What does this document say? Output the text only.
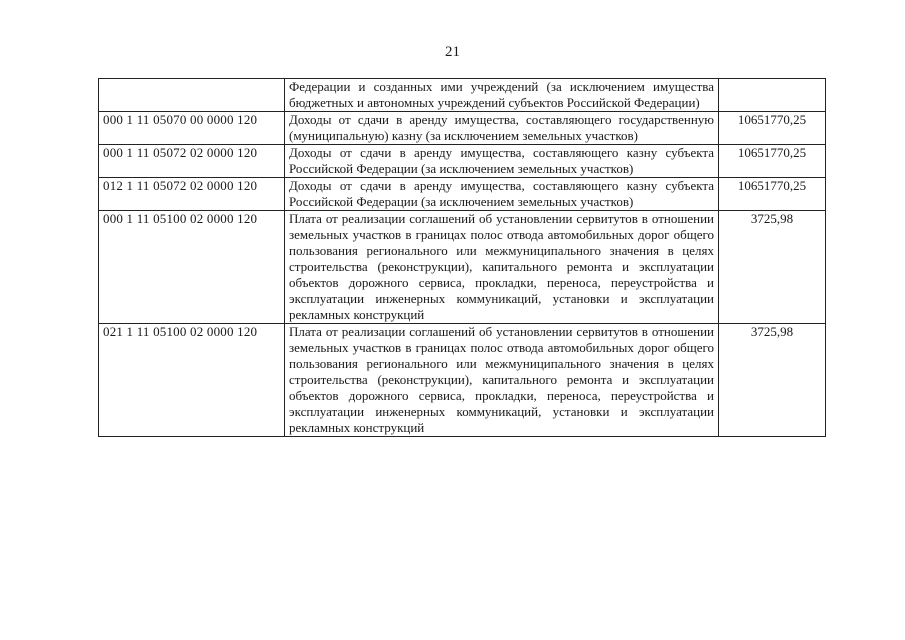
21
	Федерации и созданных ими учреждений (за исключением имущества бюджетных и автономных учреждений субъектов Российской Федерации)	
000 1 11 05070 00 0000 120	Доходы от сдачи в аренду имущества, составляющего государственную (муниципальную) казну (за исключением земельных участков)	10651770,25
000 1 11 05072 02 0000 120	Доходы от сдачи в аренду имущества, составляющего казну субъекта Российской Федерации (за исключением земельных участков)	10651770,25
012 1 11 05072 02 0000 120	Доходы от сдачи в аренду имущества, составляющего казну субъекта Российской Федерации (за исключением земельных участков)	10651770,25
000 1 11 05100 02 0000 120	Плата от реализации соглашений об установлении сервитутов в отношении земельных участков в границах полос отвода автомобильных дорог общего пользования регионального или межмуниципального значения в целях строительства (реконструкции), капитального ремонта и эксплуатации объектов дорожного сервиса, прокладки, переноса, переустройства и эксплуатации инженерных коммуникаций, установки и эксплуатации рекламных конструкций	3725,98
021 1 11 05100 02 0000 120	Плата от реализации соглашений об установлении сервитутов в отношении земельных участков в границах полос отвода автомобильных дорог общего пользования регионального или межмуниципального значения в целях строительства (реконструкции), капитального ремонта и эксплуатации объектов дорожного сервиса, прокладки, переноса, переустройства и эксплуатации инженерных коммуникаций, установки и эксплуатации рекламных конструкций	3725,98
